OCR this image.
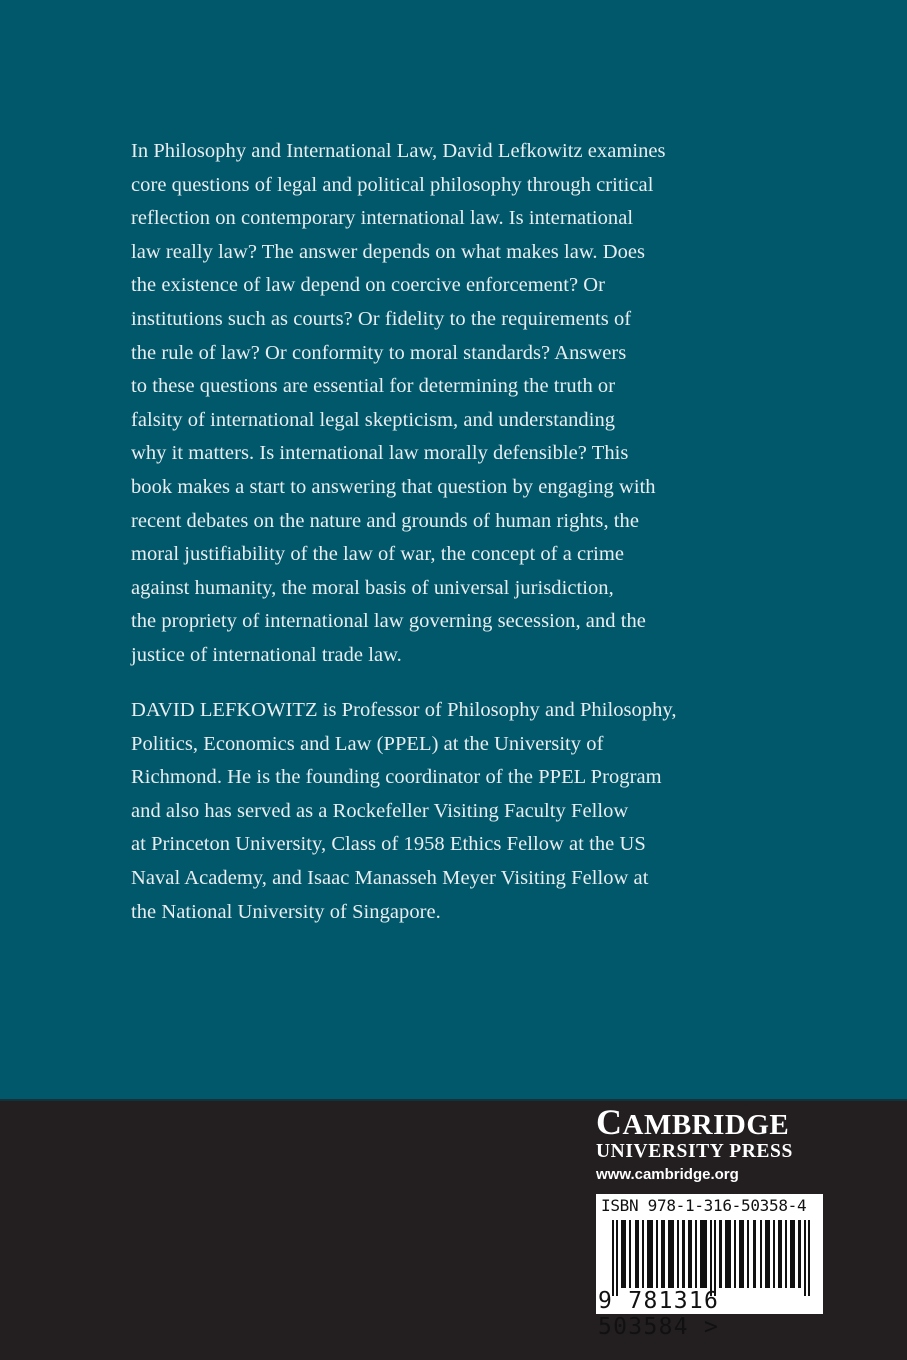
In Philosophy and International Law, David Lefkowitz examines
core questions of legal and political philosophy through critical
reflection on contemporary international law. Is international
law really law? The answer depends on what makes law. Does
the existence of law depend on coercive enforcement? Or
institutions such as courts? Or fidelity to the requirements of
the rule of law? Or conformity to moral standards? Answers
to these questions are essential for determining the truth or
falsity of international legal skepticism, and understanding
why it matters. Is international law morally defensible? This
book makes a start to answering that question by engaging with
recent debates on the nature and grounds of human rights, the
moral justifiability of the law of war, the concept of a crime
against humanity, the moral basis of universal jurisdiction,
the propriety of international law governing secession, and the
justice of international trade law.
DAVID LEFKOWITZ is Professor of Philosophy and Philosophy,
Politics, Economics and Law (PPEL) at the University of
Richmond. He is the founding coordinator of the PPEL Program
and also has served as a Rockefeller Visiting Faculty Fellow
at Princeton University, Class of 1958 Ethics Fellow at the US
Naval Academy, and Isaac Manasseh Meyer Visiting Fellow at
the National University of Singapore.
CAMBRIDGE
UNIVERSITY PRESS
www.cambridge.org
ISBN 978-1-316-50358-4
9 781316 503584 >
